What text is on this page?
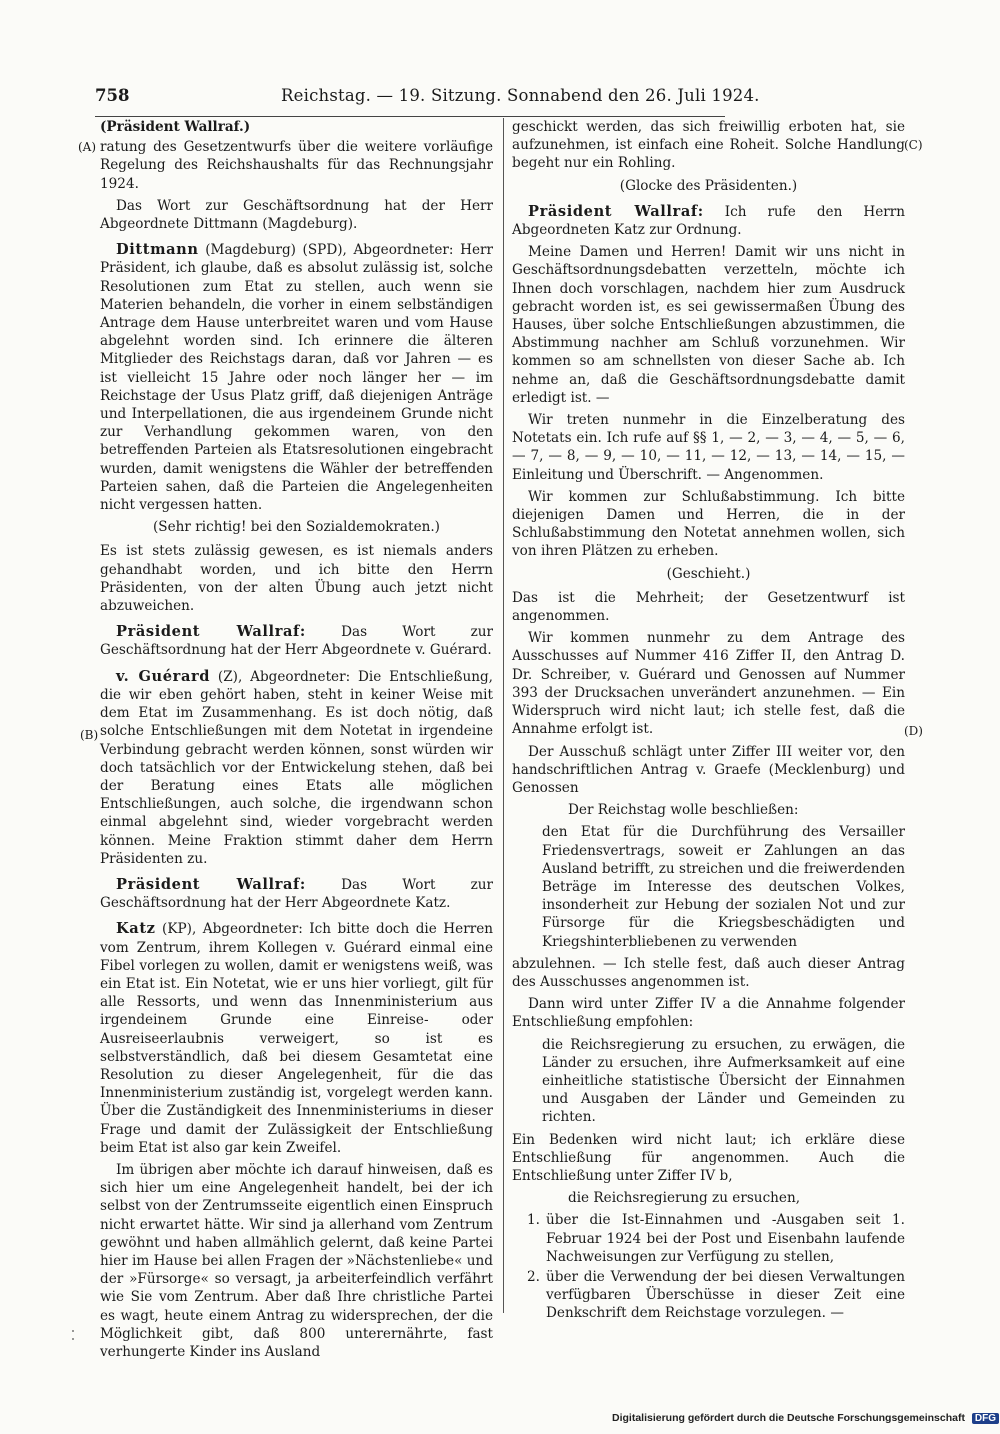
758	Reichstag. — 19. Sitzung. Sonnabend den 26. Juli 1924.
(A)
(B)
(C)
(D)

(Präsident Wallraf.)

ratung des Gesetzentwurfs über die weitere vorläufige Regelung des Reichshaushalts für das Rechnungsjahr 1924.

Das Wort zur Geschäftsordnung hat der Herr Abgeordnete Dittmann (Magdeburg).

Dittmann (Magdeburg) (SPD), Abgeordneter: Herr Präsident, ich glaube, daß es absolut zulässig ist, solche Resolutionen zum Etat zu stellen, auch wenn sie Materien behandeln, die vorher in einem selbständigen Antrage dem Hause unterbreitet waren und vom Hause abgelehnt worden sind. Ich erinnere die älteren Mitglieder des Reichstags daran, daß vor Jahren — es ist vielleicht 15 Jahre oder noch länger her — im Reichstage der Usus Platz griff, daß diejenigen Anträge und Interpellationen, die aus irgendeinem Grunde nicht zur Verhandlung gekommen waren, von den betreffenden Parteien als Etatsresolutionen eingebracht wurden, damit wenigstens die Wähler der betreffenden Parteien sahen, daß die Parteien die Angelegenheiten nicht vergessen hatten.

(Sehr richtig! bei den Sozialdemokraten.)

Es ist stets zulässig gewesen, es ist niemals anders gehandhabt worden, und ich bitte den Herrn Präsidenten, von der alten Übung auch jetzt nicht abzuweichen.

Präsident Wallraf: Das Wort zur Geschäftsordnung hat der Herr Abgeordnete v. Guérard.

v. Guérard (Z), Abgeordneter: Die Entschließung, die wir eben gehört haben, steht in keiner Weise mit dem Etat im Zusammenhang. Es ist doch nötig, daß solche Entschließungen mit dem Notetat in irgendeine Verbindung gebracht werden können, sonst würden wir doch tatsächlich vor der Entwickelung stehen, daß bei der Beratung eines Etats alle möglichen Entschließungen, auch solche, die irgendwann schon einmal abgelehnt sind, wieder vorgebracht werden können. Meine Fraktion stimmt daher dem Herrn Präsidenten zu.

Präsident Wallraf: Das Wort zur Geschäftsordnung hat der Herr Abgeordnete Katz.

Katz (KP), Abgeordneter: Ich bitte doch die Herren vom Zentrum, ihrem Kollegen v. Guérard einmal eine Fibel vorlegen zu wollen, damit er wenigstens weiß, was ein Etat ist. Ein Notetat, wie er uns hier vorliegt, gilt für alle Ressorts, und wenn das Innenministerium aus irgendeinem Grunde eine Einreise- oder Ausreiseerlaubnis verweigert, so ist es selbstverständlich, daß bei diesem Gesamtetat eine Resolution zu dieser Angelegenheit, für die das Innenministerium zuständig ist, vorgelegt werden kann. Über die Zuständigkeit des Innenministeriums in dieser Frage und damit der Zulässigkeit der Entschließung beim Etat ist also gar kein Zweifel.

Im übrigen aber möchte ich darauf hinweisen, daß es sich hier um eine Angelegenheit handelt, bei der ich selbst von der Zentrumsseite eigentlich einen Einspruch nicht erwartet hätte. Wir sind ja allerhand vom Zentrum gewöhnt und haben allmählich gelernt, daß keine Partei hier im Hause bei allen Fragen der »Nächstenliebe« und der »Fürsorge« so versagt, ja arbeiterfeindlich verfährt wie Sie vom Zentrum. Aber daß Ihre christliche Partei es wagt, heute einem Antrag zu widersprechen, der die Möglichkeit gibt, daß 800 unterernährte, fast verhungerte Kinder ins Ausland

geschickt werden, das sich freiwillig erboten hat, sie aufzunehmen, ist einfach eine Roheit. Solche Handlung begeht nur ein Rohling.

(Glocke des Präsidenten.)

Präsident Wallraf: Ich rufe den Herrn Abgeordneten Katz zur Ordnung.

Meine Damen und Herren! Damit wir uns nicht in Geschäftsordnungsdebatten verzetteln, möchte ich Ihnen doch vorschlagen, nachdem hier zum Ausdruck gebracht worden ist, es sei gewissermaßen Übung des Hauses, über solche Entschließungen abzustimmen, die Abstimmung nachher am Schluß vorzunehmen. Wir kommen so am schnellsten von dieser Sache ab. Ich nehme an, daß die Geschäftsordnungsdebatte damit erledigt ist. —

Wir treten nunmehr in die Einzelberatung des Notetats ein. Ich rufe auf §§ 1, — 2, — 3, — 4, — 5, — 6, — 7, — 8, — 9, — 10, — 11, — 12, — 13, — 14, — 15, — Einleitung und Überschrift. — Angenommen.

Wir kommen zur Schlußabstimmung. Ich bitte diejenigen Damen und Herren, die in der Schlußabstimmung den Notetat annehmen wollen, sich von ihren Plätzen zu erheben.

(Geschieht.)

Das ist die Mehrheit; der Gesetzentwurf ist angenommen.

Wir kommen nunmehr zu dem Antrage des Ausschusses auf Nummer 416 Ziffer II, den Antrag D. Dr. Schreiber, v. Guérard und Genossen auf Nummer 393 der Drucksachen unverändert anzunehmen. — Ein Widerspruch wird nicht laut; ich stelle fest, daß die Annahme erfolgt ist.

Der Ausschuß schlägt unter Ziffer III weiter vor, den handschriftlichen Antrag v. Graefe (Mecklenburg) und Genossen

Der Reichstag wolle beschließen:

den Etat für die Durchführung des Versailler Friedensvertrags, soweit er Zahlungen an das Ausland betrifft, zu streichen und die freiwerdenden Beträge im Interesse des deutschen Volkes, insonderheit zur Hebung der sozialen Not und zur Fürsorge für die Kriegsbeschädigten und Kriegshinterbliebenen zu verwenden

abzulehnen. — Ich stelle fest, daß auch dieser Antrag des Ausschusses angenommen ist.

Dann wird unter Ziffer IV a die Annahme folgender Entschließung empfohlen:

die Reichsregierung zu ersuchen, zu erwägen, die Länder zu ersuchen, ihre Aufmerksamkeit auf eine einheitliche statistische Übersicht der Einnahmen und Ausgaben der Länder und Gemeinden zu richten.

Ein Bedenken wird nicht laut; ich erkläre diese Entschließung für angenommen. Auch die Entschließung unter Ziffer IV b,

die Reichsregierung zu ersuchen,

1. über die Ist-Einnahmen und -Ausgaben seit 1. Februar 1924 bei der Post und Eisenbahn laufende Nachweisungen zur Verfügung zu stellen,
2. über die Verwendung der bei diesen Verwaltungen verfügbaren Überschüsse in dieser Zeit eine Denkschrift dem Reichstage vorzulegen. —
Digitalisierung gefördert durch die Deutsche Forschungsgemeinschaft DFG
